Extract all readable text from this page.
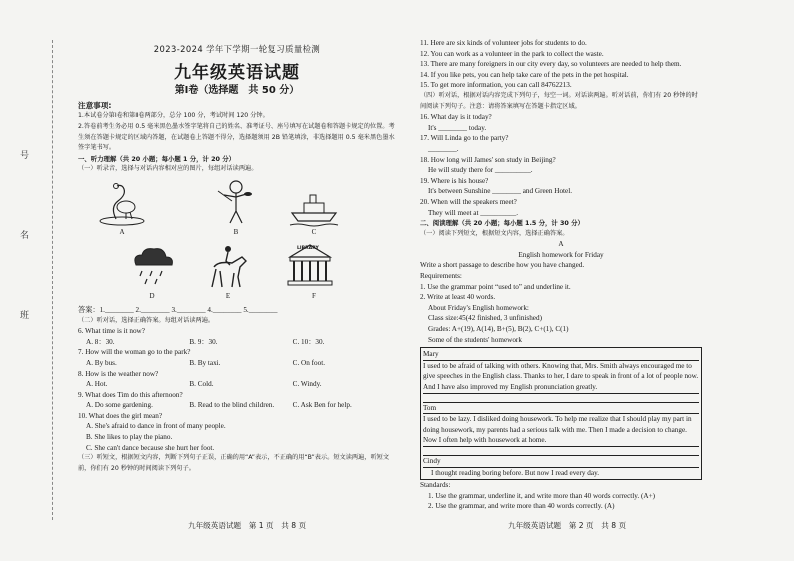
号
名
班
2023-2024 学年下学期一轮复习质量检测
九年级英语试题
第Ⅰ卷（选择题　共 50 分）
注意事项:
1.本试卷分第Ⅰ卷和第Ⅱ卷两部分，总分 100 分，考试时间 120 分钟。
2.答卷前考生务必用 0.5 毫米黑色墨水签字笔将自己的姓名、准考证号、座号填写在试题卷和答题卡规定的位置。考生须在答题卡规定的区域内答题，在试题卷上答题不得分，选择题须用 2B 铅笔填涂，非选择题用 0.5 毫米黑色墨水签字笔书写。
一、听力理解（共 20 小题；每小题 1 分，计 20 分）
（一）听录音，选择与对话内容相对应的图片，每组对话读两遍。
A	B	C
D	E
LIBRARY
F
答案：1.________ 2.________ 3.________ 4.________ 5.________
（二）听对话，选择正确答案。每组对话读两遍。
6. What time is it now?
A. 8：30.	B. 9：30.	C. 10：30.
7. How will the woman go to the park?
A. By bus.	B. By taxi.	C. On foot.
8. How is the weather now?
A. Hot.	B. Cold.	C. Windy.
9. What does Tim do this afternoon?
A. Do some gardening.	B. Read to the blind children.	C. Ask Ben for help.
10. What does the girl mean?
A. She's afraid to dance in front of many people.
B. She likes to play the piano.
C. She can't dance because she hurt her foot.
（三）听短文，根据短文内容，判断下列句子正误，正确的用“A”表示，不正确的用“B”表示。短文读两遍，听短文前，你们有 20 秒钟的时间阅读下列句子。
九年级英语试题　第 1 页　共 8 页
11. Here are six kinds of volunteer jobs for students to do.
12. You can work as a volunteer in the park to collect the waste.
13. There are many foreigners in our city every day, so volunteers are needed to help them.
14. If you like pets, you can help take care of the pets in the pet hospital.
15. To get more information, you can call 84762213.
（四）听对话，根据对话内容完成下列句子，每空一词。对话读两遍。听对话前，你们有 20 秒钟的时间阅读下列句子。注意：请将答案填写在答题卡指定区域。
16. What day is it today?
It's ________ today.
17. Will Linda go to the party?
________.
18. How long will James' son study in Beijing?
He will study there for __________.
19. Where is his house?
It's between Sunshine ________ and Green Hotel.
20. When will the speakers meet?
They will meet at __________.
二、阅读理解（共 20 小题；每小题 1.5 分，计 30 分）
（一）阅读下列短文，根据短文内容，选择正确答案。
A
English homework for Friday
Write a short passage to describe how you have changed.
Requirements:
1. Use the grammar point “used to” and underline it.
2. Write at least 40 words.
About Friday's English homework:
Class size:45(42 finished, 3 unfinished)
Grades: A+(19), A(14), B+(5), B(2), C+(1), C(1)
Some of the students' homework
Mary
I used to be afraid of talking with others. Knowing that, Mrs. Smith always encouraged me to give speeches in the English class. Thanks to her, I dare to speak in front of a lot of people now. And I have also improved my English pronunciation greatly.
Tom
I used to be lazy. I disliked doing housework. To help me realize that I should play my part in doing housework, my parents had a serious talk with me. Then I made a decision to change. Now I often help with housework at home.
Cindy
I thought reading boring before. But now I read every day.
Standards:
1. Use the grammar, underline it, and write more than 40 words correctly. (A+)
2. Use the grammar, and write more than 40 words correctly. (A)
九年级英语试题　第 2 页　共 8 页
